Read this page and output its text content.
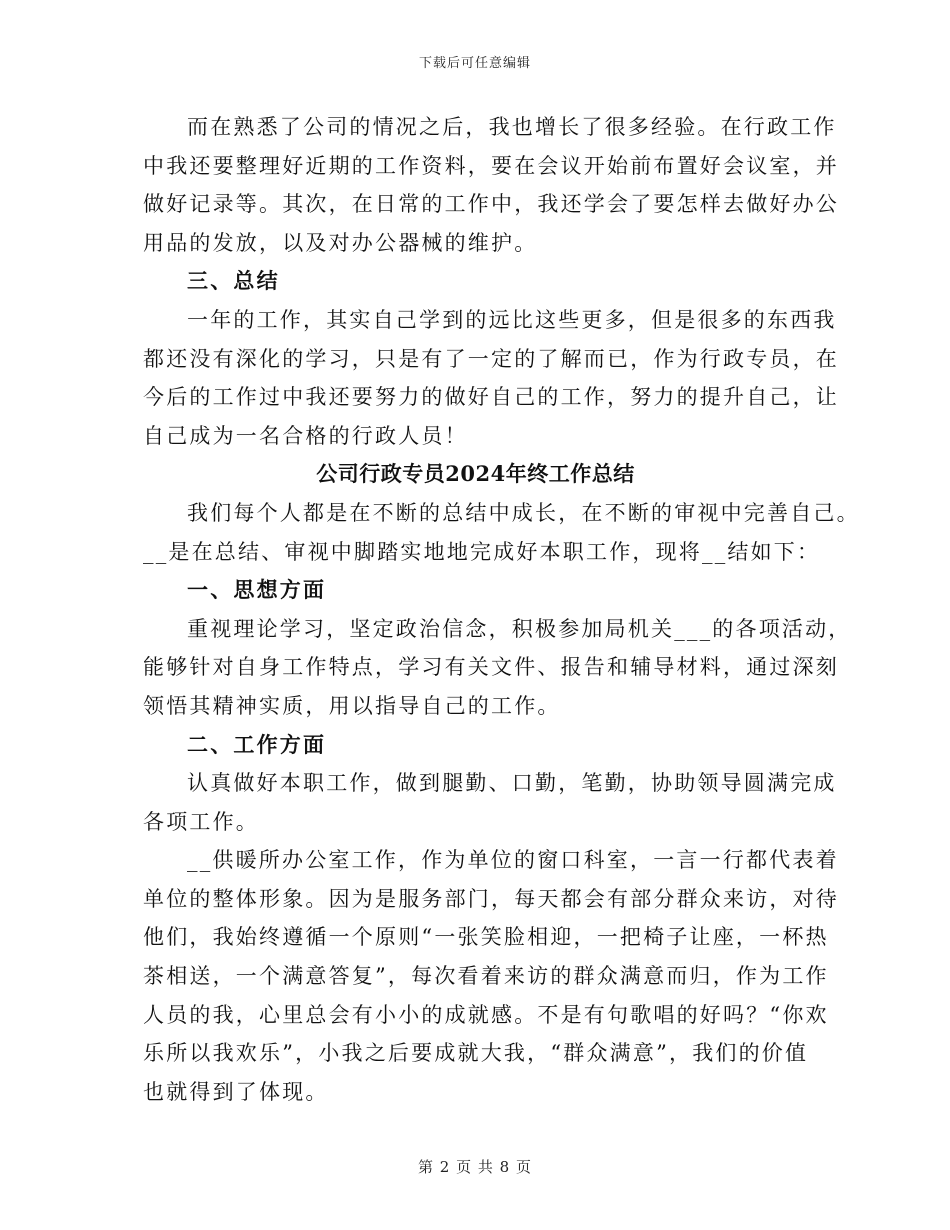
下载后可任意编辑
而在熟悉了公司的情况之后，我也增长了很多经验。在行政工作
中我还要整理好近期的工作资料，要在会议开始前布置好会议室，并
做好记录等。其次，在日常的工作中，我还学会了要怎样去做好办公
用品的发放，以及对办公器械的维护。
三、总结
一年的工作，其实自己学到的远比这些更多，但是很多的东西我
都还没有深化的学习，只是有了一定的了解而已，作为行政专员，在
今后的工作过中我还要努力的做好自己的工作，努力的提升自己，让
自己成为一名合格的行政人员！
公司行政专员2024年终工作总结
我们每个人都是在不断的总结中成长，在不断的审视中完善自己。
__是在总结、审视中脚踏实地地完成好本职工作，现将__结如下：
一、思想方面
重视理论学习，坚定政治信念，积极参加局机关___的各项活动，
能够针对自身工作特点，学习有关文件、报告和辅导材料，通过深刻
领悟其精神实质，用以指导自己的工作。
二、工作方面
认真做好本职工作，做到腿勤、口勤，笔勤，协助领导圆满完成
各项工作。
__供暖所办公室工作，作为单位的窗口科室，一言一行都代表着
单位的整体形象。因为是服务部门，每天都会有部分群众来访，对待
他们，我始终遵循一个原则“一张笑脸相迎，一把椅子让座，一杯热
茶相送，一个满意答复”，每次看着来访的群众满意而归，作为工作
人员的我，心里总会有小小的成就感。不是有句歌唱的好吗？“你欢
乐所以我欢乐”，小我之后要成就大我，“群众满意”，我们的价值
也就得到了体现。
第 2 页 共 8 页
